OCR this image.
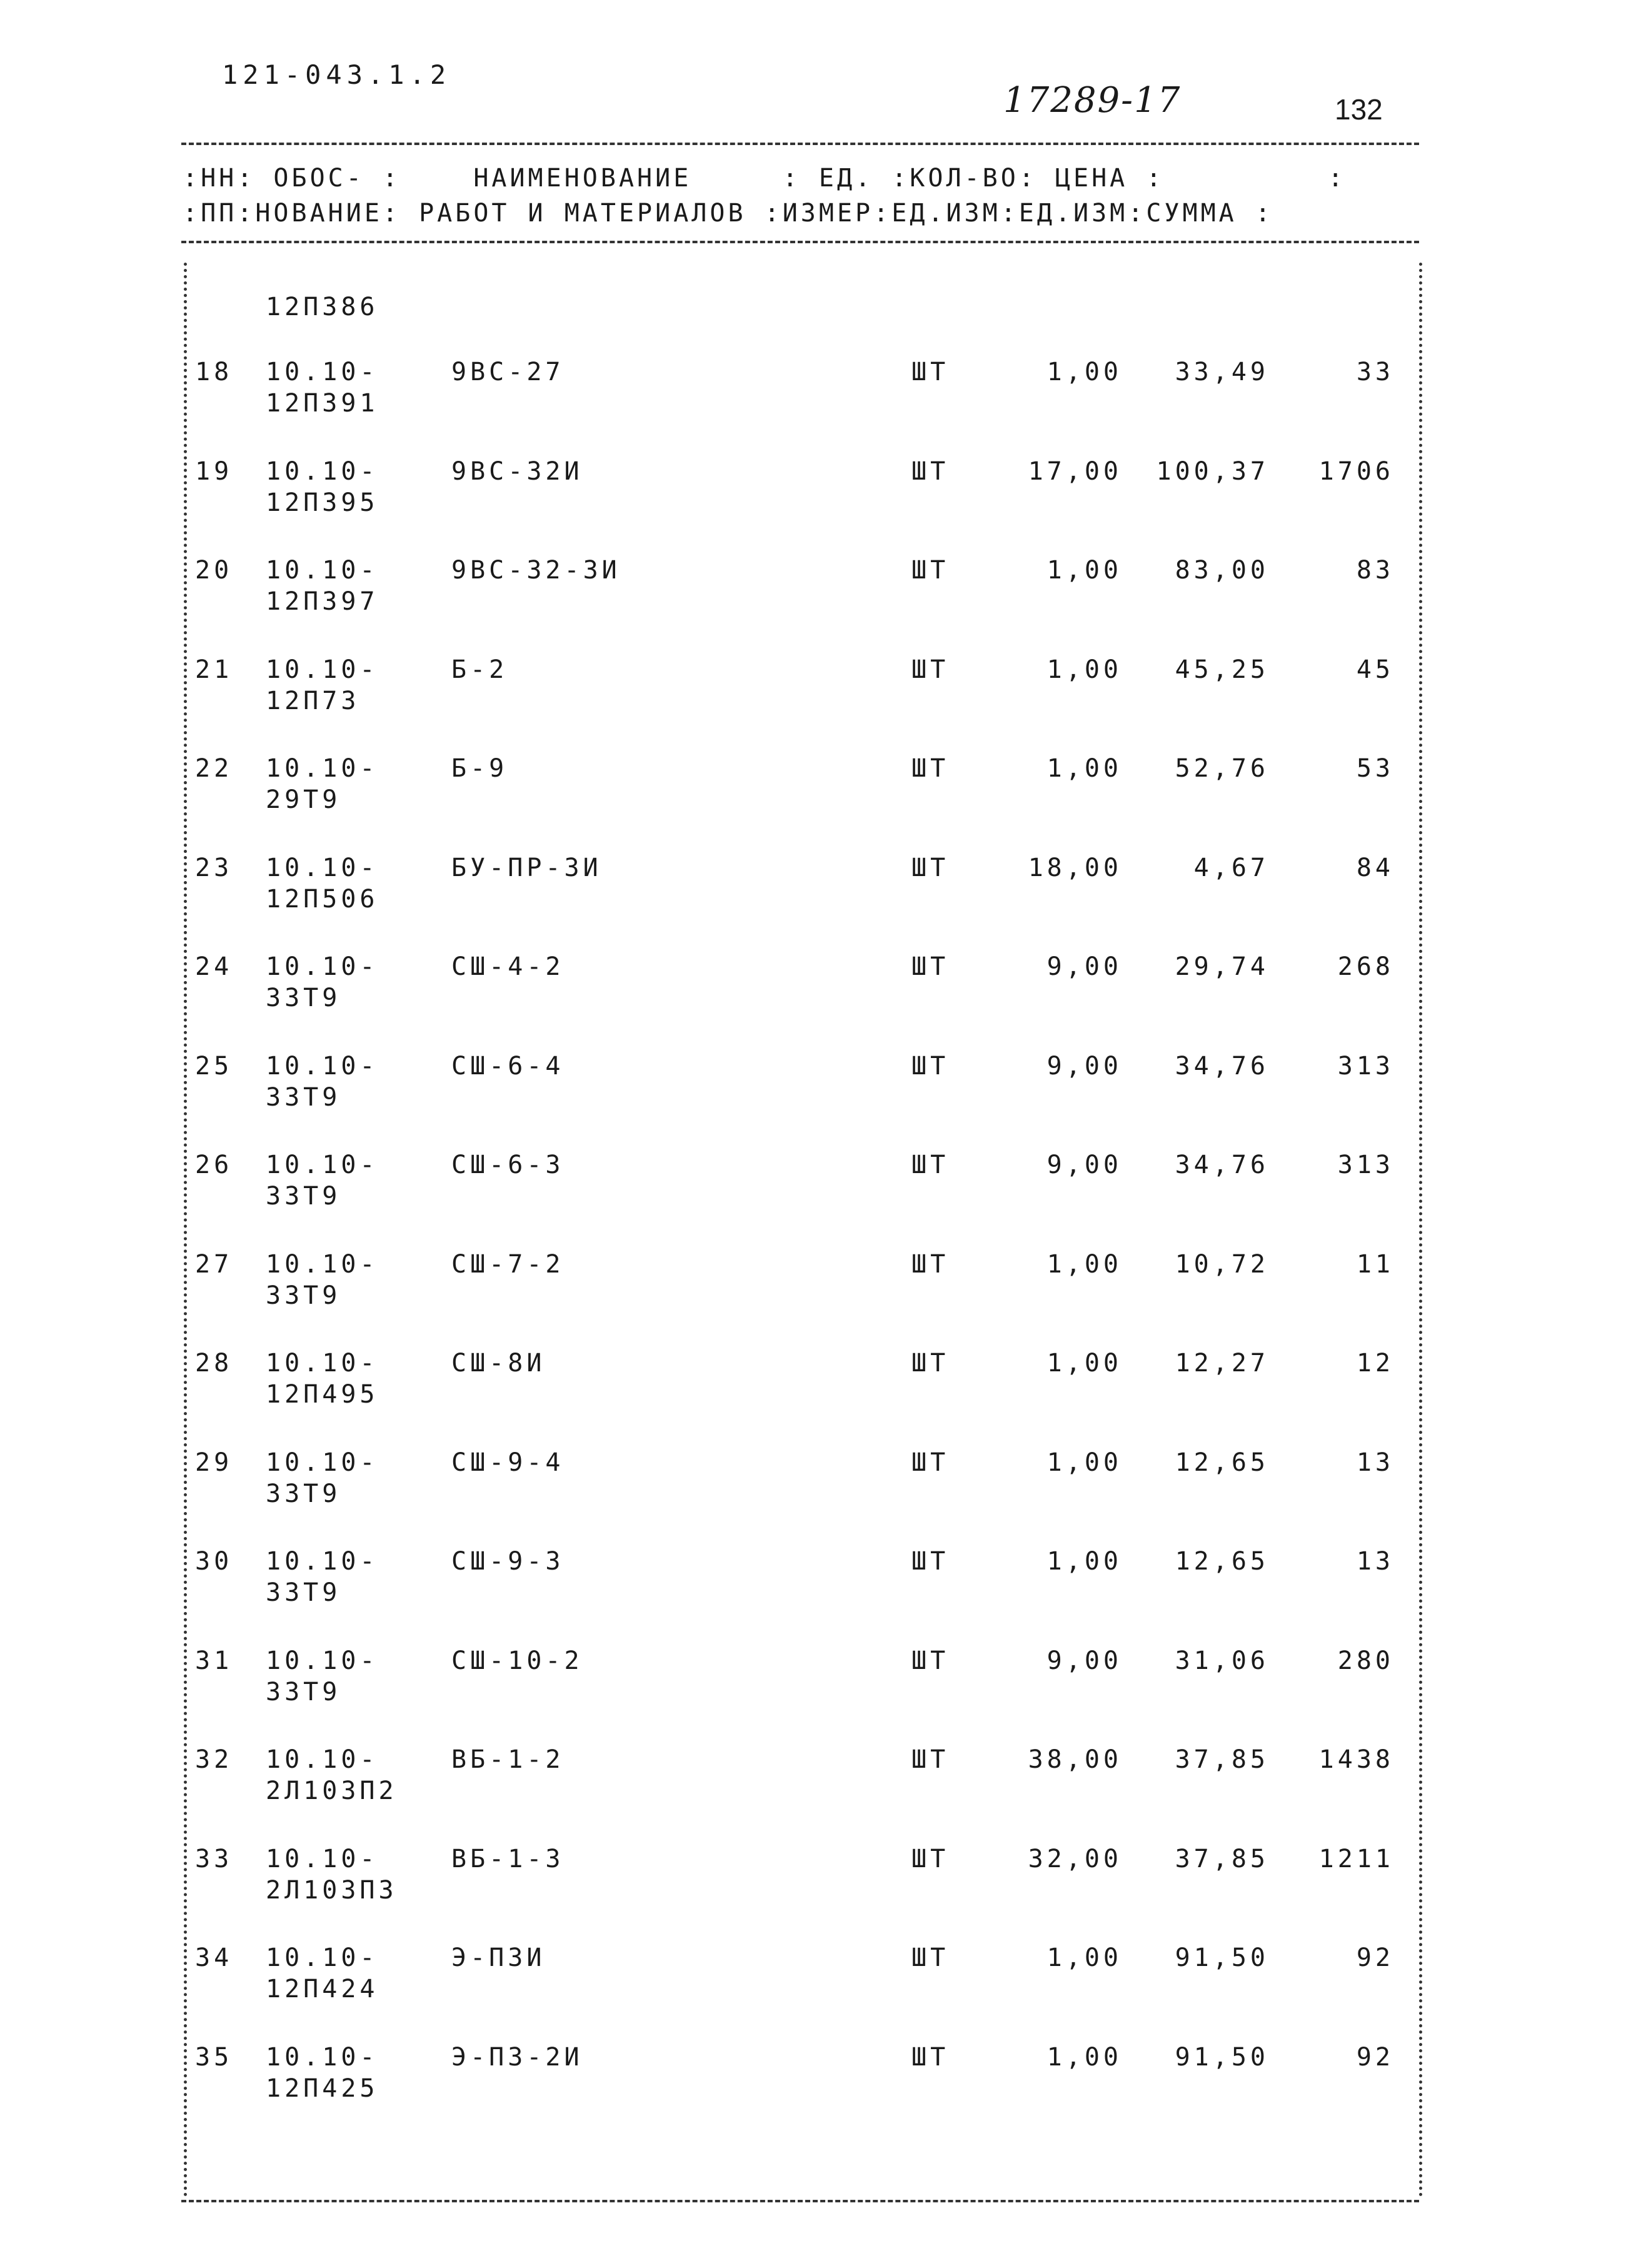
121-043.1.2
17289-17	132
:НН: ОБОС- :    НАИМЕНОВАНИЕ     : ЕД. :КОЛ-ВО: ЦЕНА :         :
:ПП:НОВАНИЕ: РАБОТ И МАТЕРИАЛОВ :ИЗМЕР:ЕД.ИЗМ:ЕД.ИЗМ:СУММА :
12П386
18 10.10-	9ВС-27	ШТ	1,00 33,49	33
12П391
19 10.10-	9ВС-32И	ШТ	17,00 100,37 1706
12П395
20 10.10-	9ВС-32-3И	ШТ	1,00 83,00	83
12П397
21 10.10-	Б-2	ШТ	1,00 45,25	45
12П73
22 10.10-	Б-9	ШТ	1,00 52,76	53
29Т9
23 10.10-	БУ-ПР-3И	ШТ	18,00	4,67	84
12П506
24 10.10-	СШ-4-2	ШТ	9,00 29,74	268
33Т9
25 10.10-	СШ-6-4	ШТ	9,00 34,76	313
33Т9
26 10.10-	СШ-6-3	ШТ	9,00 34,76	313
33Т9
27 10.10-	СШ-7-2	ШТ	1,00 10,72	11
33Т9
28 10.10-	СШ-8И	ШТ	1,00 12,27	12
12П495
29 10.10-	СШ-9-4	ШТ	1,00 12,65	13
33Т9
30 10.10-	СШ-9-3	ШТ	1,00 12,65	13
33Т9
31 10.10-	СШ-10-2	ШТ	9,00 31,06	280
33Т9
32 10.10-	ВБ-1-2	ШТ	38,00 37,85 1438
2Л103П2
33 10.10-	ВБ-1-3	ШТ	32,00 37,85 1211
2Л103П3
34 10.10-	Э-П3И	ШТ	1,00 91,50	92
12П424
35 10.10-	Э-П3-2И	ШТ	1,00 91,50	92
12П425
